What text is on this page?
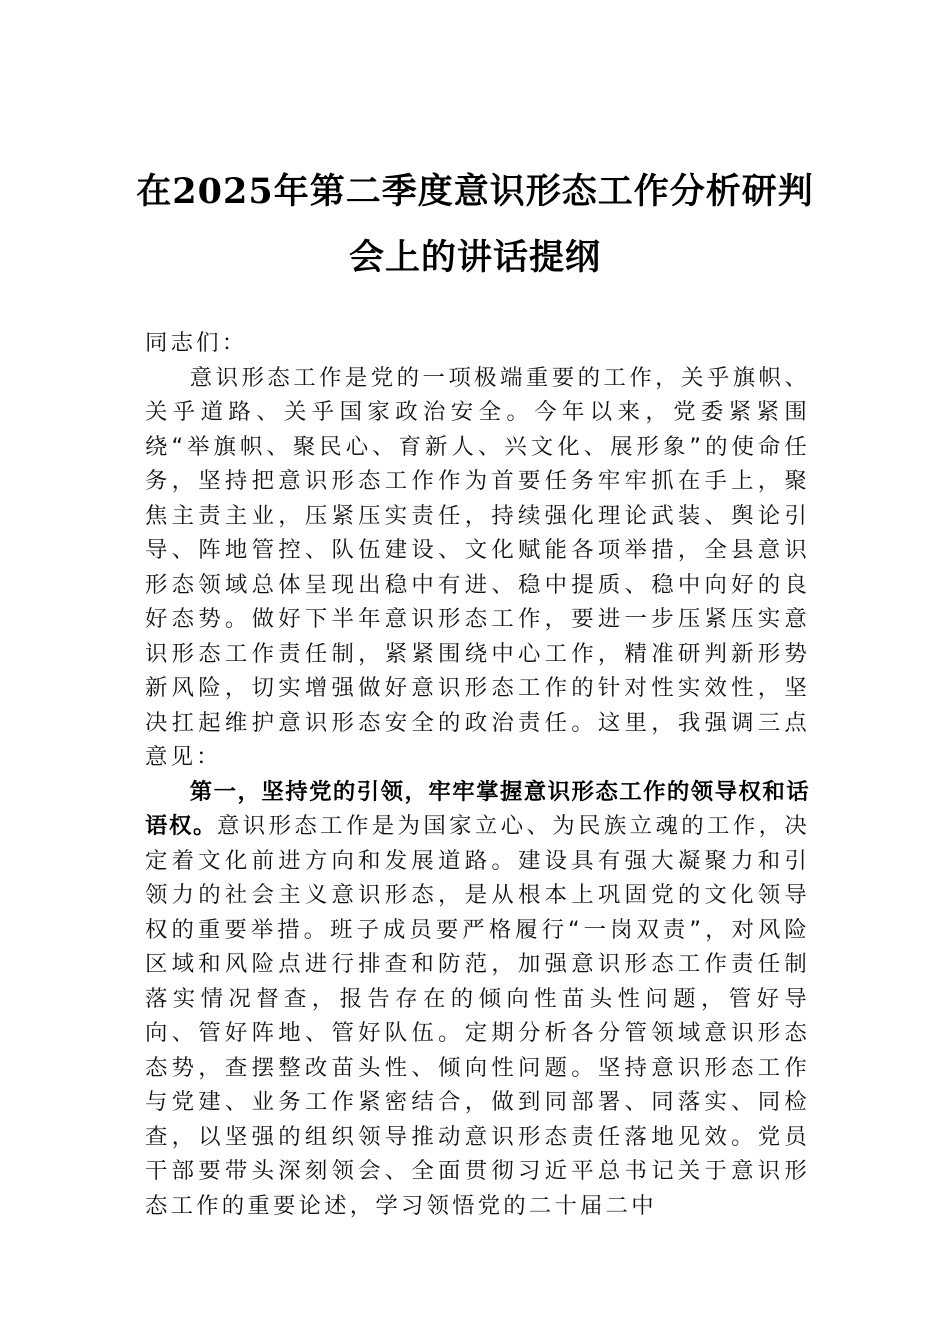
在2025年第二季度意识形态工作分析研判
会上的讲话提纲

同志们：

意识形态工作是党的一项极端重要的工作，关乎旗帜、关乎道路、关乎国家政治安全。今年以来，党委紧紧围绕“举旗帜、聚民心、育新人、兴文化、展形象”的使命任务，坚持把意识形态工作作为首要任务牢牢抓在手上，聚焦主责主业，压紧压实责任，持续强化理论武装、舆论引导、阵地管控、队伍建设、文化赋能各项举措，全县意识形态领域总体呈现出稳中有进、稳中提质、稳中向好的良好态势。做好下半年意识形态工作，要进一步压紧压实意识形态工作责任制，紧紧围绕中心工作，精准研判新形势新风险，切实增强做好意识形态工作的针对性实效性，坚决扛起维护意识形态安全的政治责任。这里，我强调三点意见：

第一，坚持党的引领，牢牢掌握意识形态工作的领导权和话语权。意识形态工作是为国家立心、为民族立魂的工作，决定着文化前进方向和发展道路。建设具有强大凝聚力和引领力的社会主义意识形态，是从根本上巩固党的文化领导权的重要举措。班子成员要严格履行“一岗双责”，对风险区域和风险点进行排查和防范，加强意识形态工作责任制落实情况督查，报告存在的倾向性苗头性问题，管好导向、管好阵地、管好队伍。定期分析各分管领域意识形态态势，查摆整改苗头性、倾向性问题。坚持意识形态工作与党建、业务工作紧密结合，做到同部署、同落实、同检查，以坚强的组织领导推动意识形态责任落地见效。党员干部要带头深刻领会、全面贯彻习近平总书记关于意识形态工作的重要论述，学习领悟党的二十届二中
